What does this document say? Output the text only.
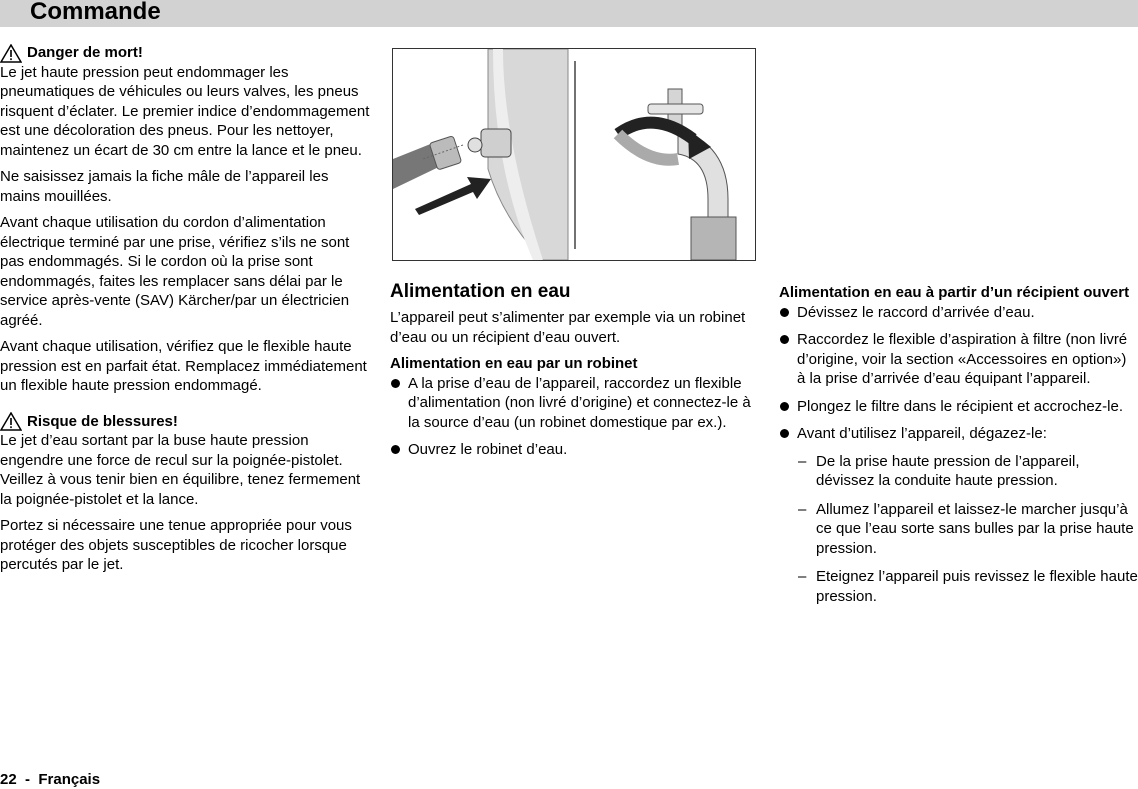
Commande
Danger de mort!

Le jet haute pression peut endommager les pneumatiques de véhicules ou leurs valves, les pneus risquent d’éclater. Le premier indice d’endommagement est une décoloration des pneus. Pour les nettoyer, maintenez un écart de 30 cm entre la lance et le pneu.

Ne saisissez jamais la fiche mâle de l’appareil les mains mouillées.

Avant chaque utilisation du cordon d’alimentation électrique terminé par une prise, vérifiez s’ils ne sont pas endommagés. Si le cordon où la prise sont endommagés, faites les remplacer sans délai par le service après-vente (SAV) Kärcher/par un électricien agréé.

Avant chaque utilisation, vérifiez que le flexible haute pression est en parfait état. Remplacez immédiatement un flexible haute pression endommagé.

Risque de blessures!

Le jet d’eau sortant par la buse haute pression engendre une force de recul sur la poignée-pistolet. Veillez à vous tenir bien en équilibre, tenez fermement la poignée-pistolet et la lance.

Portez si nécessaire une tenue appropriée pour vous protéger des objets susceptibles de ricocher lorsque percutés par le jet.

Alimentation en eau

L’appareil peut s’alimenter par exemple via un robinet d’eau ou un récipient d’eau ouvert.

Alimentation en eau par un robinet
A la prise d’eau de l’appareil, raccordez un flexible d’alimentation (non livré d’origine) et connectez-le à la source d’eau (un robinet domestique par ex.).
Ouvrez le robinet d’eau.
Alimentation en eau à partir d’un récipient ouvert
Dévissez le raccord d’arrivée d’eau.
Raccordez le flexible d’aspiration à filtre (non livré d’origine, voir la section «Accessoires en option») à la prise d’arrivée d’eau équipant l’appareil.
Plongez le filtre dans le récipient et accrochez-le.
Avant d’utilisez l’appareil, dégazez-le:
– De la prise haute pression de l’appareil, dévissez la conduite haute pression.
– Allumez l’appareil et laissez-le marcher jusqu’à ce que l’eau sorte sans bulles par la prise haute pression.
– Eteignez l’appareil puis revissez le flexible haute pression.
22  -  Français
